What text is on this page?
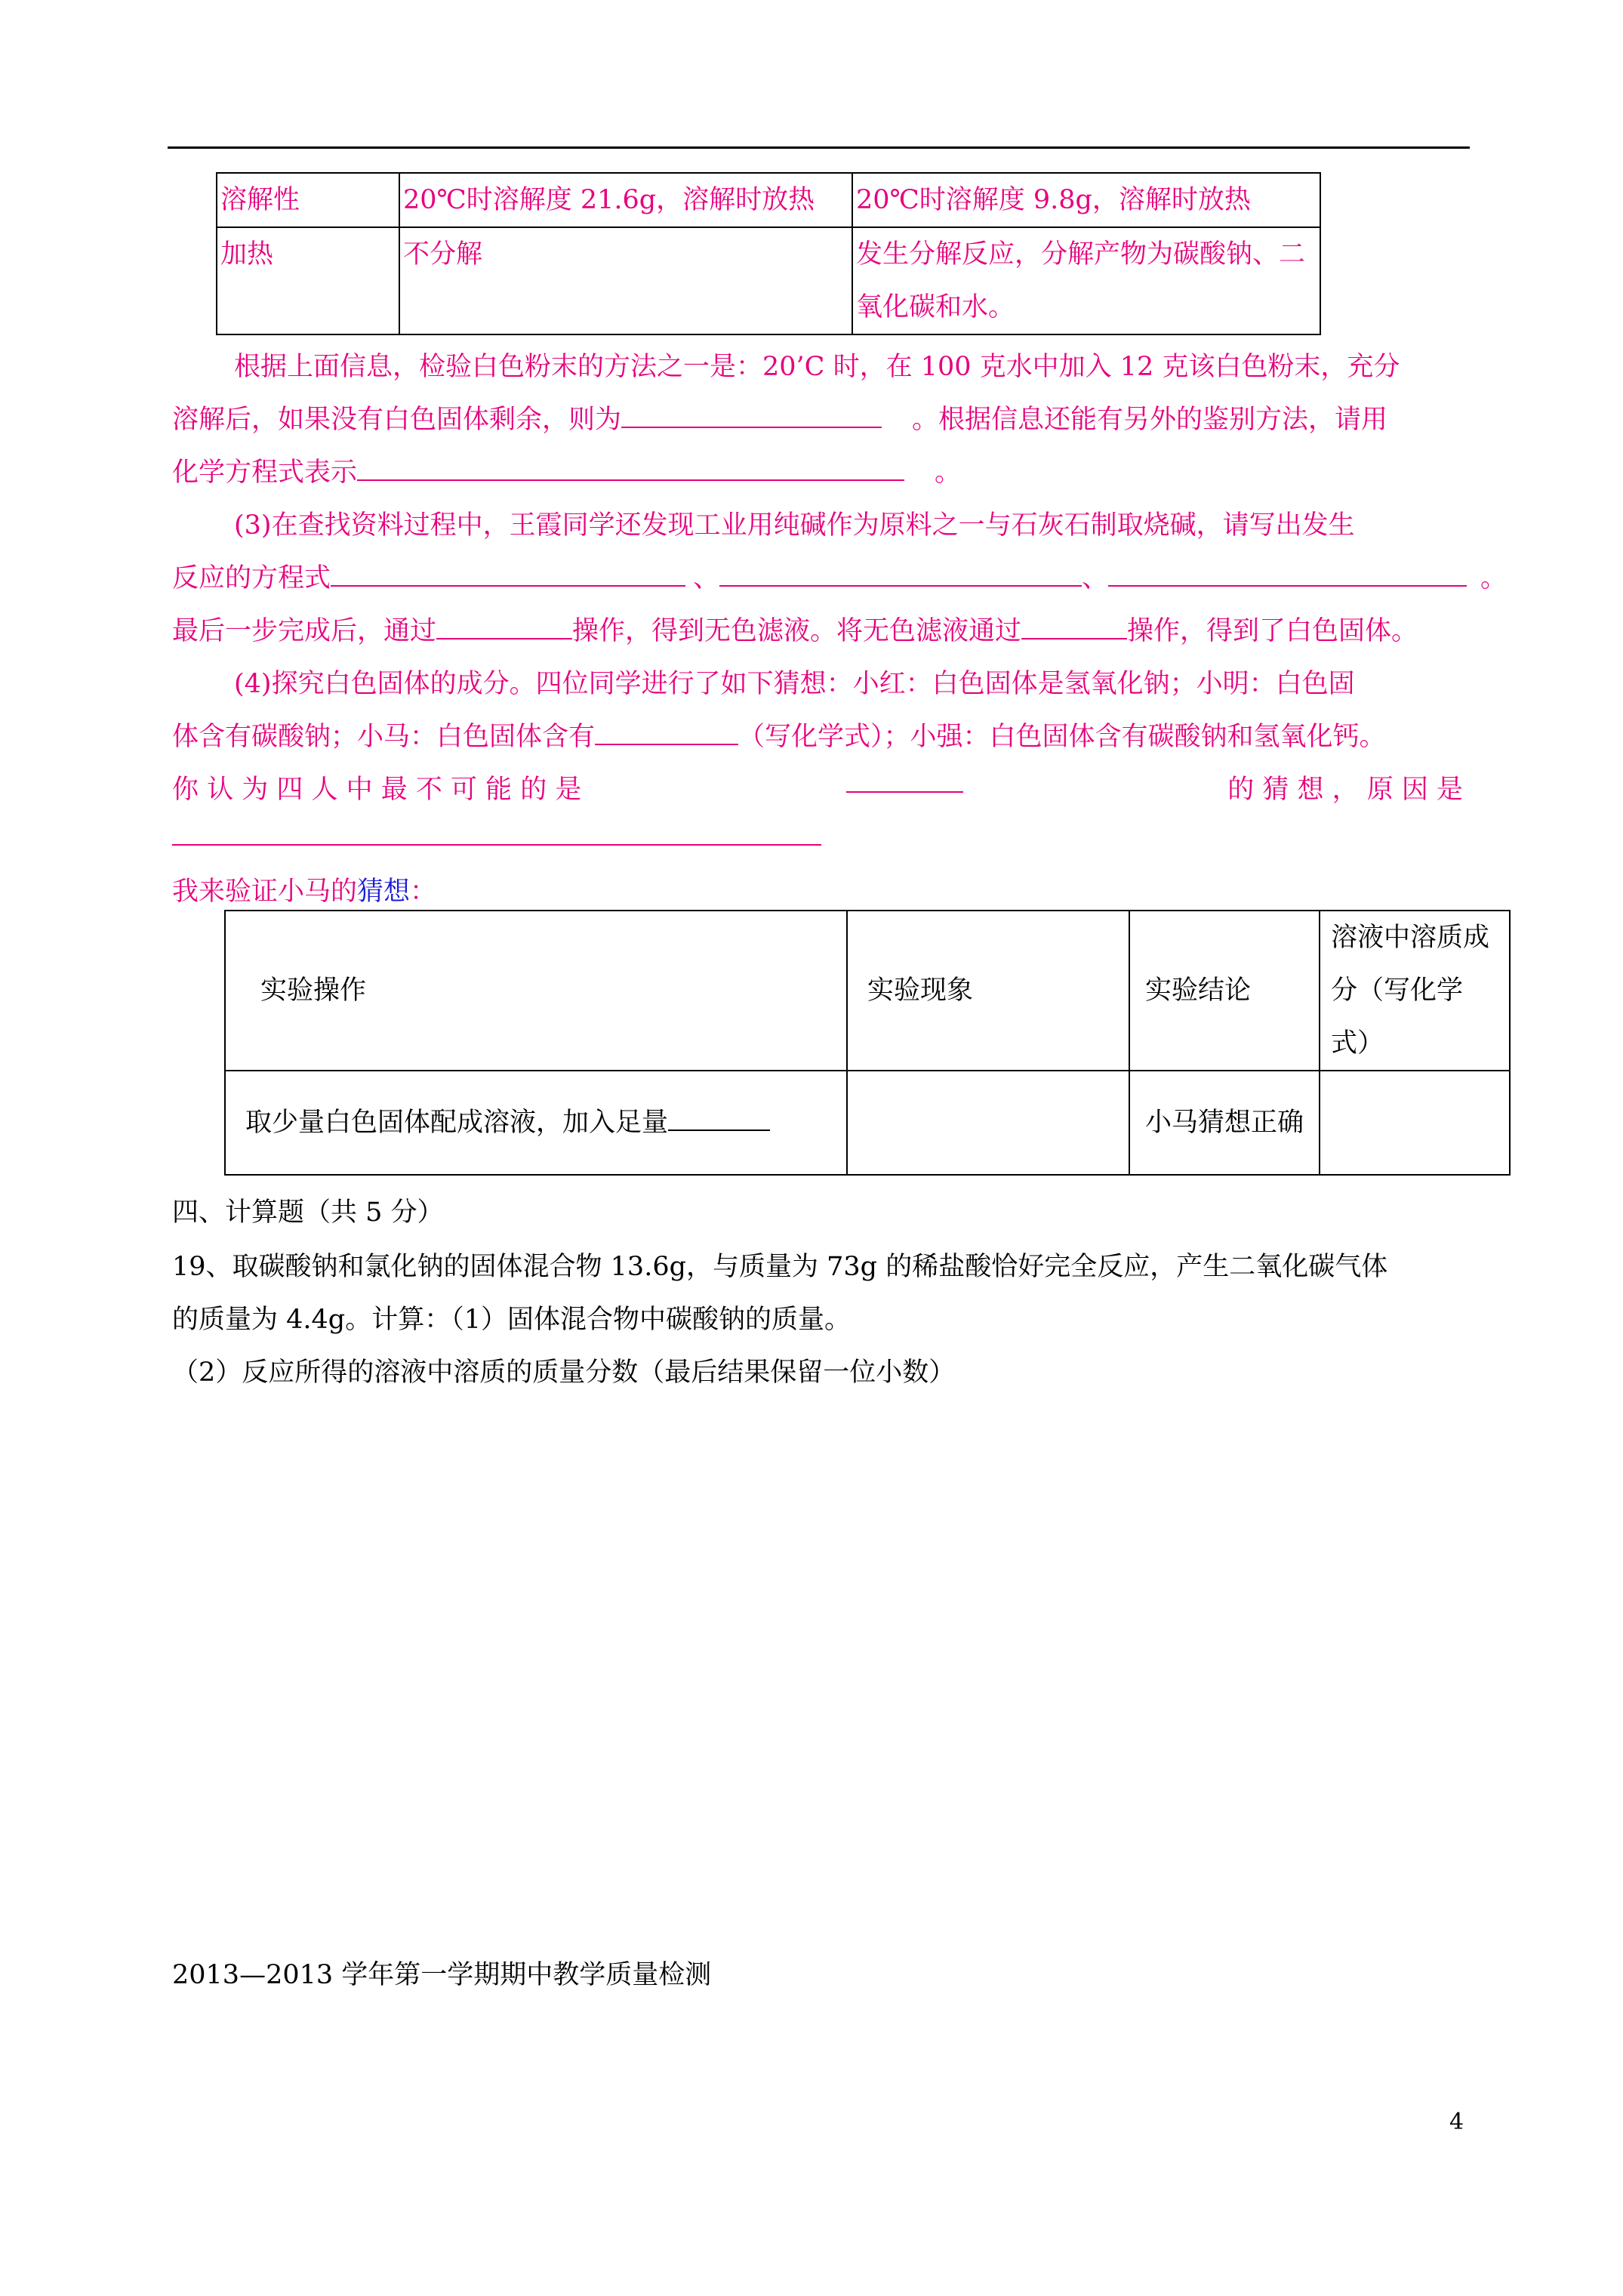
溶解性	20℃时溶解度 21.6g，溶解时放热	20℃时溶解度 9.8g，溶解时放热
加热	不分解	发生分解反应，分解产物为碳酸钠、二氧化碳和水。
根据上面信息，检验白色粉末的方法之一是：20’C 时，在 100 克水中加入 12 克该白色粉末，充分
溶解后，如果没有白色固体剩余，则为	。根据信息还能有另外的鉴别方法，请用
化学方程式表示	。
(3)在查找资料过程中，王霞同学还发现工业用纯碱作为原料之一与石灰石制取烧碱，请写出发生
反应的方程式	、	、	。
最后一步完成后，通过	操作，得到无色滤液。将无色滤液通过	操作，得到了白色固体。
(4)探究白色固体的成分。四位同学进行了如下猜想：小红：白色固体是氢氧化钠；小明：白色固
体含有碳酸钠；小马：白色固体含有	（写化学式）；小强：白色固体含有碳酸钠和氢氧化钙。
你 认 为 四 人 中 最 不 可 能 的 是	的 猜 想 ， 原 因 是
我来验证小马的猜想：
实验操作	实验现象	实验结论	溶液中溶质成分（写化学式）
取少量白色固体配成溶液，加入足量		小马猜想正确	
四、计算题（共 5 分）
19、取碳酸钠和氯化钠的固体混合物 13.6g，与质量为 73g 的稀盐酸恰好完全反应，产生二氧化碳气体
的质量为 4.4g。计算：（1）固体混合物中碳酸钠的质量。
（2）反应所得的溶液中溶质的质量分数（最后结果保留一位小数）
2013—2013 学年第一学期期中教学质量检测
4
